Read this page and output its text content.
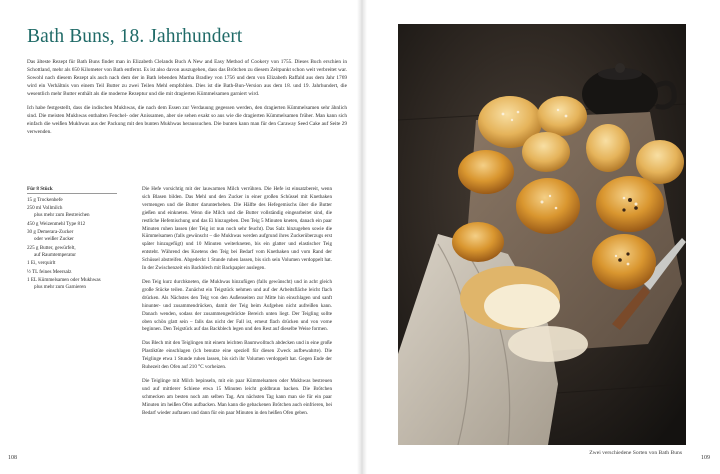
Bath Buns, 18. Jahrhundert

Das älteste Rezept für Bath Buns findet man in Elizabeth Clelands Buch A New and Easy Method of Cookery von 1755. Dieses Buch erschien in Schottland, mehr als 650 Kilometer von Bath entfernt. Es ist also davon auszugehen, dass das Brötchen zu diesem Zeitpunkt schon weit verbreitet war. Sowohl nach diesem Rezept als auch nach dem der in Bath lebenden Martha Bradley von 1756 und dem von Elizabeth Raffald aus dem Jahr 1769 wird ein Verhältnis von einem Teil Butter zu zwei Teilen Mehl empfohlen. Dies ist die Bath-Bun-Version aus dem 18. und 19. Jahrhundert, die wesentlich mehr Butter enthält als die moderne Rezeptur und die mit dragierten Kümmelsamen garniert wird.

Ich habe festgestellt, dass die indischen Mukhwas, die nach dem Essen zur Verdauung gegessen werden, den dragierten Kümmelsamen sehr ähnlich sind. Die meisten Mukhwas enthalten Fenchel- oder Anissamen, aber sie sehen exakt so aus wie die dragierten Kümmelsamen früher. Man kann sich einfach die weißen Mukhwas aus der Packung mit den bunten Mukhwas heraussuchen. Die bunten kann man für den Caraway Seed Cake auf Seite 29 verwenden.

Für 8 Stück
15 g Trockenhefe
250 ml Vollmilch
plus mehr zum Bestreichen
450 g Weizenmehl Type 812
30 g Demerara-Zucker
oder weißer Zucker
225 g Butter, gewürfelt,
auf Raumtemperatur
1 Ei, verquirlt
½ TL feines Meersalz
1 EL Kümmelsamen oder Mukhwas
plus mehr zum Garnieren

Die Hefe vorsichtig mit der lauwarmen Milch verrühren. Die Hefe ist einsatzbereit, wenn sich Blasen bilden. Das Mehl und den Zucker in einer großen Schüssel mit Knethaken vermengen und die Butter darunterheben. Die Hälfte des Hefegemischs über die Butter gießen und einkneten. Wenn die Milch und die Butter vollständig eingearbeitet sind, die restliche Hefemischung und das Ei hinzugeben. Den Teig 5 Minuten kneten, danach ein paar Minuten ruhen lassen (der Teig ist nun noch sehr feucht). Das Salz hinzugeben sowie die Kümmelsamen (falls gewünscht – die Mukhwas werden aufgrund ihres Zuckerüberzugs erst später hinzugefügt) und 10 Minuten weiterkneten, bis ein glatter und elastischer Teig entsteht. Während des Knetens den Teig bei Bedarf vom Knethaken und vom Rand der Schüssel abstreifen. Abgedeckt 1 Stunde ruhen lassen, bis sich sein Volumen verdoppelt hat. In der Zwischenzeit ein Backblech mit Backpapier auslegen.

Den Teig kurz durchkneten, die Mukhwas hinzufügen (falls gewünscht) und in acht gleich große Stücke teilen. Zunächst ein Teigstück nehmen und auf der Arbeitsfläche leicht flach drücken. Als Nächstes den Teig von den Außenseiten zur Mitte hin einschlagen und sanft hinunter- und zusammendrücken, damit der Teig beim Aufgehen nicht aufreißen kann. Danach wenden, sodass der zusammengedrückte Bereich unten liegt. Der Teigling sollte oben schön glatt sein – falls das nicht der Fall ist, erneut flach drücken und von vorne beginnen. Den Teigstück auf das Backblech legen und den Rest auf dieselbe Weise formen.

Das Blech mit den Teiglingen mit einem leichten Baumwolltuch abdecken und in eine große Plastiktüte einschlagen (ich benutze eine speziell für diesen Zweck aufbewahrte). Die Teiglinge etwa 1 Stunde ruhen lassen, bis sich ihr Volumen verdoppelt hat. Gegen Ende der Ruhezeit den Ofen auf 210 °C vorheizen.

Die Teiglinge mit Milch bepinseln, mit ein paar Kümmelsamen oder Mukhwas bestreuen und auf mittlerer Schiene etwa 15 Minuten leicht goldbraun backen. Die Brötchen schmecken am besten noch am selben Tag. Am nächsten Tag kann man sie für ein paar Minuten im heißen Ofen aufbacken. Man kann die gebackenen Brötchen auch einfrieren, bei Bedarf wieder auftauen und dann für ein paar Minuten in den heißen Ofen geben.

108
Zwei verschiedene Sorten von Bath Buns
109
